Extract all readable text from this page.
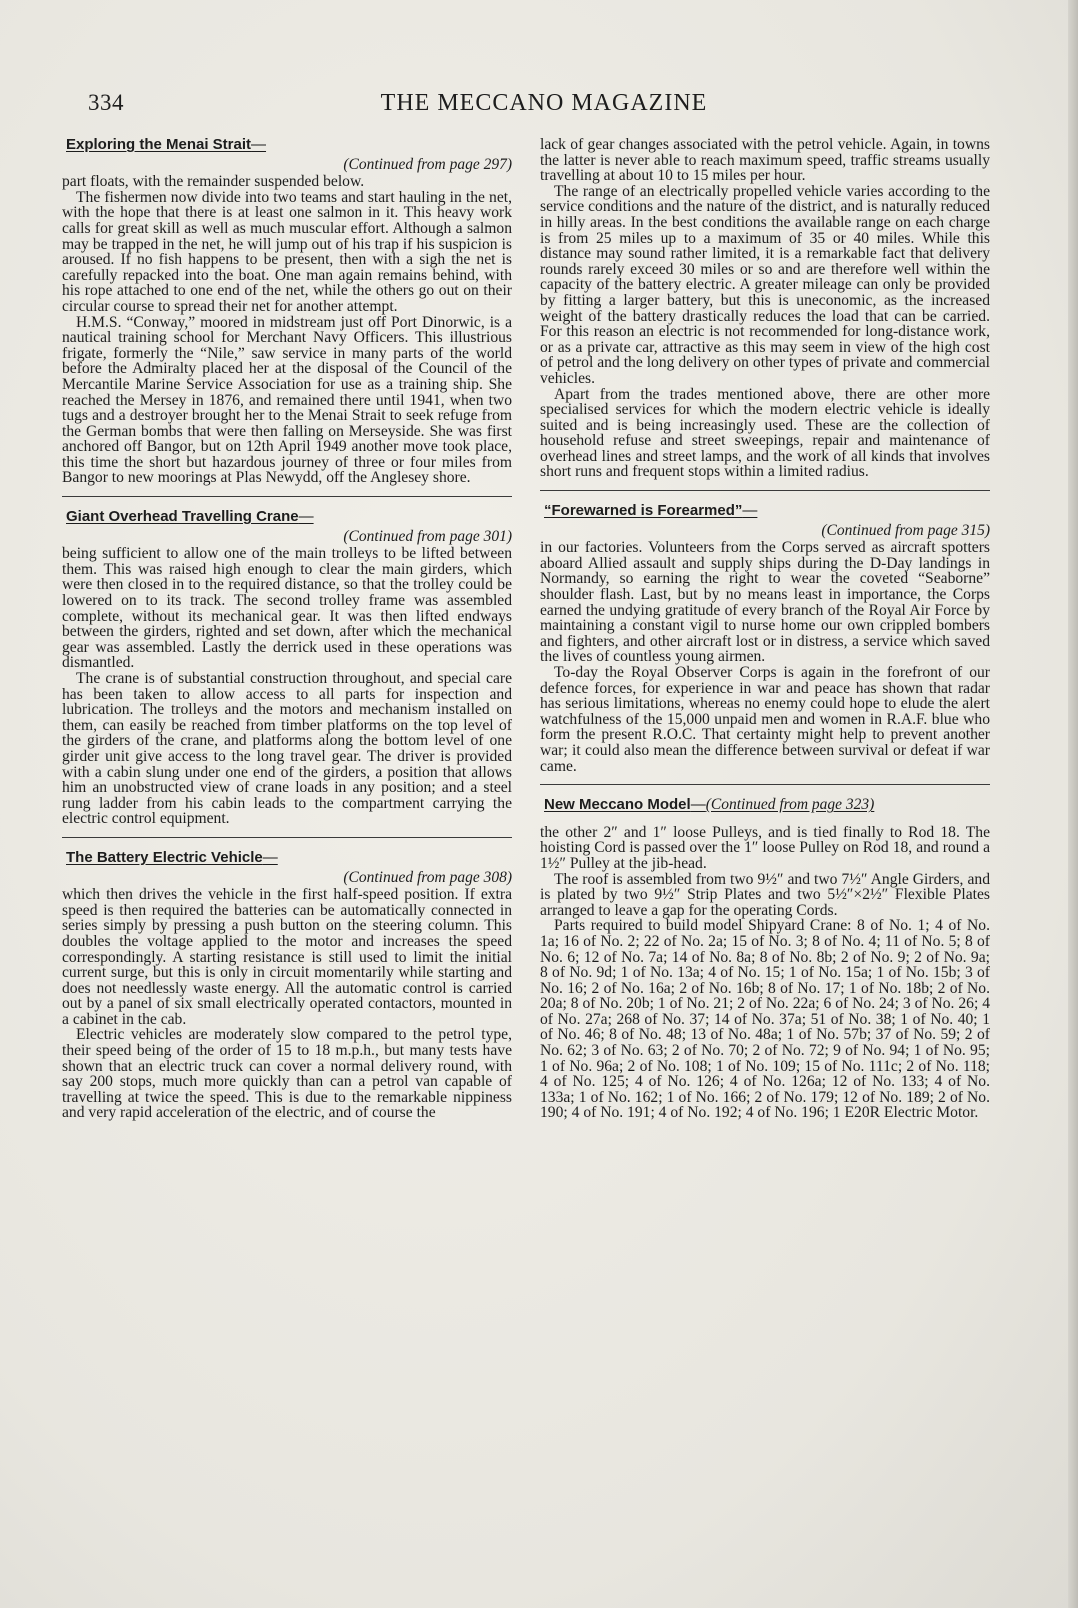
334	THE MECCANO MAGAZINE
Exploring the Menai Strait—
(Continued from page 297)

part floats, with the remainder suspended below.

The fishermen now divide into two teams and start hauling in the net, with the hope that there is at least one salmon in it. This heavy work calls for great skill as well as much muscular effort. Although a salmon may be trapped in the net, he will jump out of his trap if his suspicion is aroused. If no fish happens to be present, then with a sigh the net is carefully repacked into the boat. One man again remains behind, with his rope attached to one end of the net, while the others go out on their circular course to spread their net for another attempt.

H.M.S. “Conway,” moored in midstream just off Port Dinorwic, is a nautical training school for Merchant Navy Officers. This illustrious frigate, formerly the “Nile,” saw service in many parts of the world before the Admiralty placed her at the disposal of the Council of the Mercantile Marine Service Association for use as a training ship. She reached the Mersey in 1876, and remained there until 1941, when two tugs and a destroyer brought her to the Menai Strait to seek refuge from the German bombs that were then falling on Merseyside. She was first anchored off Bangor, but on 12th April 1949 another move took place, this time the short but hazardous journey of three or four miles from Bangor to new moorings at Plas Newydd, off the Anglesey shore.

Giant Overhead Travelling Crane—
(Continued from page 301)

being sufficient to allow one of the main trolleys to be lifted between them. This was raised high enough to clear the main girders, which were then closed in to the required distance, so that the trolley could be lowered on to its track. The second trolley frame was assembled complete, without its mechanical gear. It was then lifted endways between the girders, righted and set down, after which the mechanical gear was assembled. Lastly the derrick used in these operations was dismantled.

The crane is of substantial construction throughout, and special care has been taken to allow access to all parts for inspection and lubrication. The trolleys and the motors and mechanism installed on them, can easily be reached from timber platforms on the top level of the girders of the crane, and platforms along the bottom level of one girder unit give access to the long travel gear. The driver is provided with a cabin slung under one end of the girders, a position that allows him an unobstructed view of crane loads in any position; and a steel rung ladder from his cabin leads to the compartment carrying the electric control equipment.

The Battery Electric Vehicle—
(Continued from page 308)

which then drives the vehicle in the first half-speed position. If extra speed is then required the batteries can be automatically connected in series simply by pressing a push button on the steering column. This doubles the voltage applied to the motor and increases the speed correspondingly. A starting resistance is still used to limit the initial current surge, but this is only in circuit momentarily while starting and does not needlessly waste energy. All the automatic control is carried out by a panel of six small electrically operated contactors, mounted in a cabinet in the cab.

Electric vehicles are moderately slow compared to the petrol type, their speed being of the order of 15 to 18 m.p.h., but many tests have shown that an electric truck can cover a normal delivery round, with say 200 stops, much more quickly than can a petrol van capable of travelling at twice the speed. This is due to the remarkable nippiness and very rapid acceleration of the electric, and of course the

lack of gear changes associated with the petrol vehicle. Again, in towns the latter is never able to reach maximum speed, traffic streams usually travelling at about 10 to 15 miles per hour.

The range of an electrically propelled vehicle varies according to the service conditions and the nature of the district, and is naturally reduced in hilly areas. In the best conditions the available range on each charge is from 25 miles up to a maximum of 35 or 40 miles. While this distance may sound rather limited, it is a remarkable fact that delivery rounds rarely exceed 30 miles or so and are therefore well within the capacity of the battery electric. A greater mileage can only be provided by fitting a larger battery, but this is uneconomic, as the increased weight of the battery drastically reduces the load that can be carried. For this reason an electric is not recommended for long-distance work, or as a private car, attractive as this may seem in view of the high cost of petrol and the long delivery on other types of private and commercial vehicles.

Apart from the trades mentioned above, there are other more specialised services for which the modern electric vehicle is ideally suited and is being increasingly used. These are the collection of household refuse and street sweepings, repair and maintenance of overhead lines and street lamps, and the work of all kinds that involves short runs and frequent stops within a limited radius.

“Forewarned is Forearmed”—
(Continued from page 315)

in our factories. Volunteers from the Corps served as aircraft spotters aboard Allied assault and supply ships during the D-Day landings in Normandy, so earning the right to wear the coveted “Seaborne” shoulder flash. Last, but by no means least in importance, the Corps earned the undying gratitude of every branch of the Royal Air Force by maintaining a constant vigil to nurse home our own crippled bombers and fighters, and other aircraft lost or in distress, a service which saved the lives of countless young airmen.

To-day the Royal Observer Corps is again in the forefront of our defence forces, for experience in war and peace has shown that radar has serious limitations, whereas no enemy could hope to elude the alert watchfulness of the 15,000 unpaid men and women in R.A.F. blue who form the present R.O.C. That certainty might help to prevent another war; it could also mean the difference between survival or defeat if war came.

New Meccano Model—(Continued from page 323)

the other 2″ and 1″ loose Pulleys, and is tied finally to Rod 18. The hoisting Cord is passed over the 1″ loose Pulley on Rod 18, and round a 1½″ Pulley at the jib-head.

The roof is assembled from two 9½″ and two 7½″ Angle Girders, and is plated by two 9½″ Strip Plates and two 5½″×2½″ Flexible Plates arranged to leave a gap for the operating Cords.

Parts required to build model Shipyard Crane: 8 of No. 1; 4 of No. 1a; 16 of No. 2; 22 of No. 2a; 15 of No. 3; 8 of No. 4; 11 of No. 5; 8 of No. 6; 12 of No. 7a; 14 of No. 8a; 8 of No. 8b; 2 of No. 9; 2 of No. 9a; 8 of No. 9d; 1 of No. 13a; 4 of No. 15; 1 of No. 15a; 1 of No. 15b; 3 of No. 16; 2 of No. 16a; 2 of No. 16b; 8 of No. 17; 1 of No. 18b; 2 of No. 20a; 8 of No. 20b; 1 of No. 21; 2 of No. 22a; 6 of No. 24; 3 of No. 26; 4 of No. 27a; 268 of No. 37; 14 of No. 37a; 51 of No. 38; 1 of No. 40; 1 of No. 46; 8 of No. 48; 13 of No. 48a; 1 of No. 57b; 37 of No. 59; 2 of No. 62; 3 of No. 63; 2 of No. 70; 2 of No. 72; 9 of No. 94; 1 of No. 95; 1 of No. 96a; 2 of No. 108; 1 of No. 109; 15 of No. 111c; 2 of No. 118; 4 of No. 125; 4 of No. 126; 4 of No. 126a; 12 of No. 133; 4 of No. 133a; 1 of No. 162; 1 of No. 166; 2 of No. 179; 12 of No. 189; 2 of No. 190; 4 of No. 191; 4 of No. 192; 4 of No. 196; 1 E20R Electric Motor.
